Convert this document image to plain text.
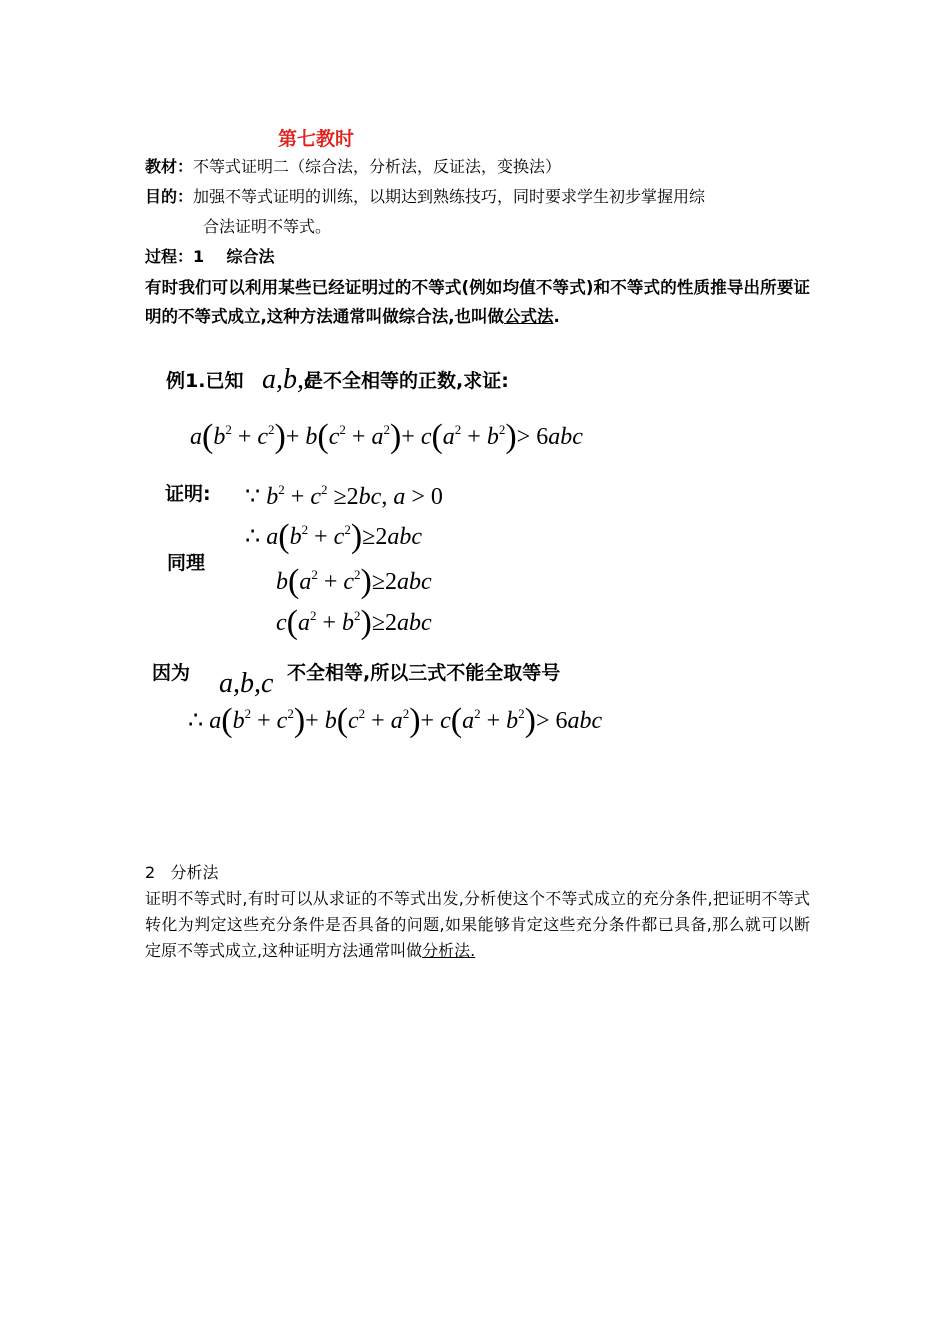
第七教时
教材：不等式证明二（综合法，分析法，反证法，变换法）
目的：加强不等式证明的训练，以期达到熟练技巧，同时要求学生初步掌握用综
合法证明不等式。
过程：1 综合法
有时我们可以利用某些已经证明过的不等式(例如均值不等式)和不等式的性质推导出所要证明的不等式成立,这种方法通常叫做综合法,也叫做公式法.
例1.已知 a,b,c
是不全相等的正数,求证:
$a(b^2 + c^2)+ b(c^2 + a^2)+ c(a^2 + b^2)> 6abc$
证明: ∵ $b^2 + c^2 \ge 2bc$, a > 0
∴ $a(b^2 + c^2)\ge 2abc$
同理
$b(a^2 + c^2)\ge 2abc$
$c(a^2 + b^2)\ge 2abc$
因为 a,b,c 不全相等,所以三式不能全取等号
∴ $a(b^2 + c^2)+ b(c^2 + a^2)+ c(a^2 + b^2)> 6abc$
2 分析法
证明不等式时,有时可以从求证的不等式出发,分析使这个不等式成立的充分条件,把证明不等式转化为判定这些充分条件是否具备的问题,如果能够肯定这些充分条件都已具备,那么就可以断定原不等式成立,这种证明方法通常叫做分析法.
